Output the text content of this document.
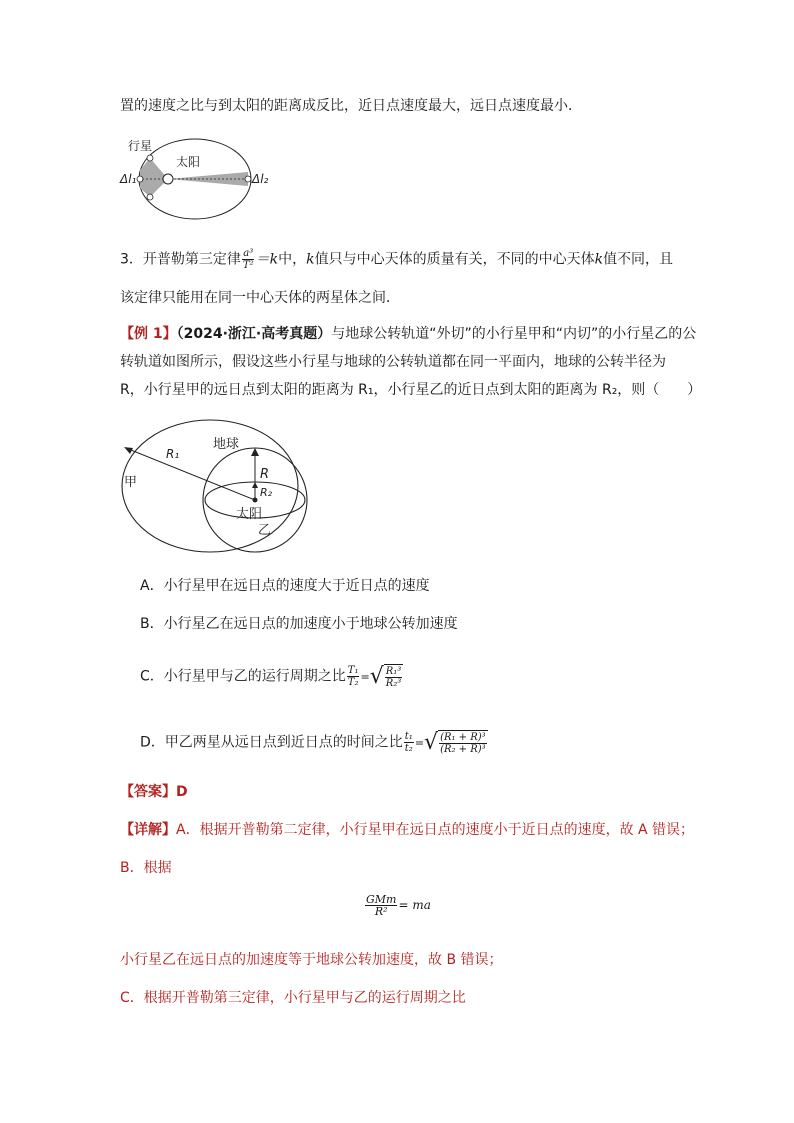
置的速度之比与到太阳的距离成反比，近日点速度最大，远日点速度最小．
行星
太阳
Δl₁	Δl₂
3．开普勒第三定律 $\frac{\text{a³}}{\text{T²}} =k$中，k值只与中心天体的质量有关，不同的中心天体k值不同，且
该定律只能用在同一中心天体的两星体之间．
【例 1】（2024·浙江·高考真题）与地球公转轨道“外切”的小行星甲和“内切”的小行星乙的公
转轨道如图所示，假设这些小行星与地球的公转轨道都在同一平面内，地球的公转半径为
R，小行星甲的远日点到太阳的距离为 R₁，小行星乙的近日点到太阳的距离为 R₂，则（　　）
地球
R₁
R
R₂
甲
太阳
乙
A．小行星甲在远日点的速度大于近日点的速度
B．小行星乙在远日点的加速度小于地球公转加速度
C．小行星甲与乙的运行周期之比 $\frac{\text{T₁}}{\text{T₂}}$ = √ $\frac{\text{R₁³}}{\text{R₂³}}$
D．甲乙两星从远日点到近日点的时间之比 $\frac{\text{t₁}}{\text{t₂}}$ = √ $\frac{\text{(R₁ + R)³}}{\text{(R₂ + R)³}}$
【答案】D
【详解】A．根据开普勒第二定律，小行星甲在远日点的速度小于近日点的速度，故 A 错误；
B．根据
$\frac{\text{GMm}}{\text{R²}}$ = ma
小行星乙在远日点的加速度等于地球公转加速度，故 B 错误；
C．根据开普勒第三定律，小行星甲与乙的运行周期之比
